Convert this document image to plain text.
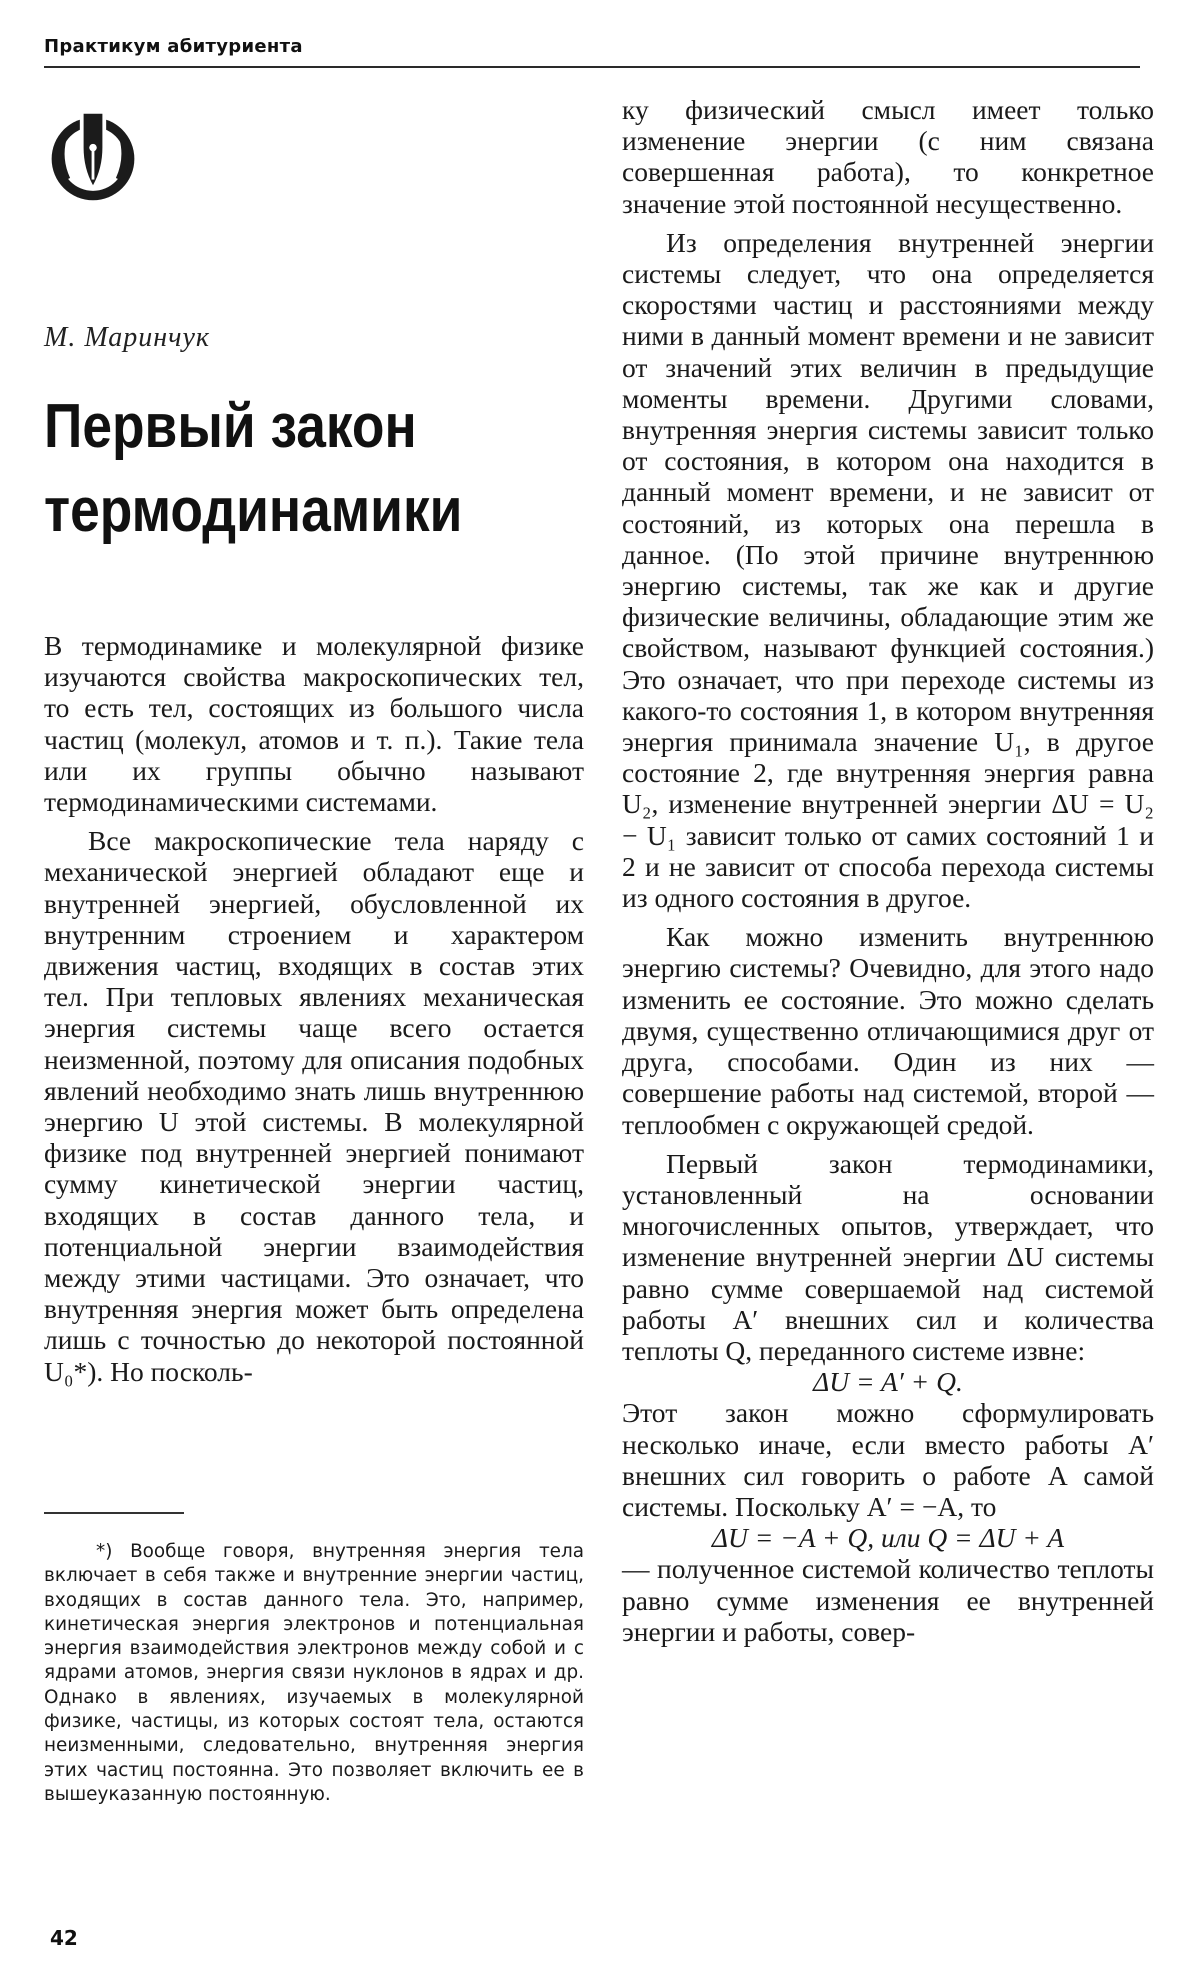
Практикум абитуриента
М. Маринчук
Первый закон
термодинамики

В термодинамике и молекулярной физике изучаются свойства макроскопических тел, то есть тел, состоящих из большого числа частиц (молекул, атомов и т. п.). Такие тела или их группы обычно называют термодинамическими системами.

Все макроскопические тела наряду с механической энергией обладают еще и внутренней энергией, обусловленной их внутренним строением и характером движения частиц, входящих в состав этих тел. При тепловых явлениях механическая энергия системы чаще всего остается неизменной, поэтому для описания подобных явлений необходимо знать лишь внутреннюю энергию U этой системы. В молекулярной физике под внутренней энергией понимают сумму кинетической энергии частиц, входящих в состав данного тела, и потенциальной энергии взаимодействия между этими частицами. Это означает, что внутренняя энергия может быть определена лишь с точностью до некоторой постоянной U₀*). Но посколь-

*) Вообще говоря, внутренняя энергия тела включает в себя также и внутренние энергии частиц, входящих в состав данного тела. Это, например, кинетическая энергия электронов и потенциальная энергия взаимодействия электронов между собой и с ядрами атомов, энергия связи нуклонов в ядрах и др. Однако в явлениях, изучаемых в молекулярной физике, частицы, из которых состоят тела, остаются неизменными, следовательно, внутренняя энергия этих частиц постоянна. Это позволяет включить ее в вышеуказанную постоянную.

ку физический смысл имеет только изменение энергии (с ним связана совершенная работа), то конкретное значение этой постоянной несущественно.

Из определения внутренней энергии системы следует, что она определяется скоростями частиц и расстояниями между ними в данный момент времени и не зависит от значений этих величин в предыдущие моменты времени. Другими словами, внутренняя энергия системы зависит только от состояния, в котором она находится в данный момент времени, и не зависит от состояний, из которых она перешла в данное. (По этой причине внутреннюю энергию системы, так же как и другие физические величины, обладающие этим же свойством, называют функцией состояния.) Это означает, что при переходе системы из какого-то состояния 1, в котором внутренняя энергия принимала значение U₁, в другое состояние 2, где внутренняя энергия равна U₂, изменение внутренней энергии ΔU = U₂ − U₁ зависит только от самих состояний 1 и 2 и не зависит от способа перехода системы из одного состояния в другое.

Как можно изменить внутреннюю энергию системы? Очевидно, для этого надо изменить ее состояние. Это можно сделать двумя, существенно отличающимися друг от друга, способами. Один из них — совершение работы над системой, второй — теплообмен с окружающей средой.

Первый закон термодинамики, установленный на основании многочисленных опытов, утверждает, что изменение внутренней энергии ΔU системы равно сумме совершаемой над системой работы A′ внешних сил и количества теплоты Q, переданного системе извне:

ΔU = A′ + Q.

Этот закон можно сформулировать несколько иначе, если вместо работы A′ внешних сил говорить о работе A самой системы. Поскольку A′ = −A, то

ΔU = −A + Q, или Q = ΔU + A

— полученное системой количество теплоты равно сумме изменения ее внутренней энергии и работы, совер-

42
